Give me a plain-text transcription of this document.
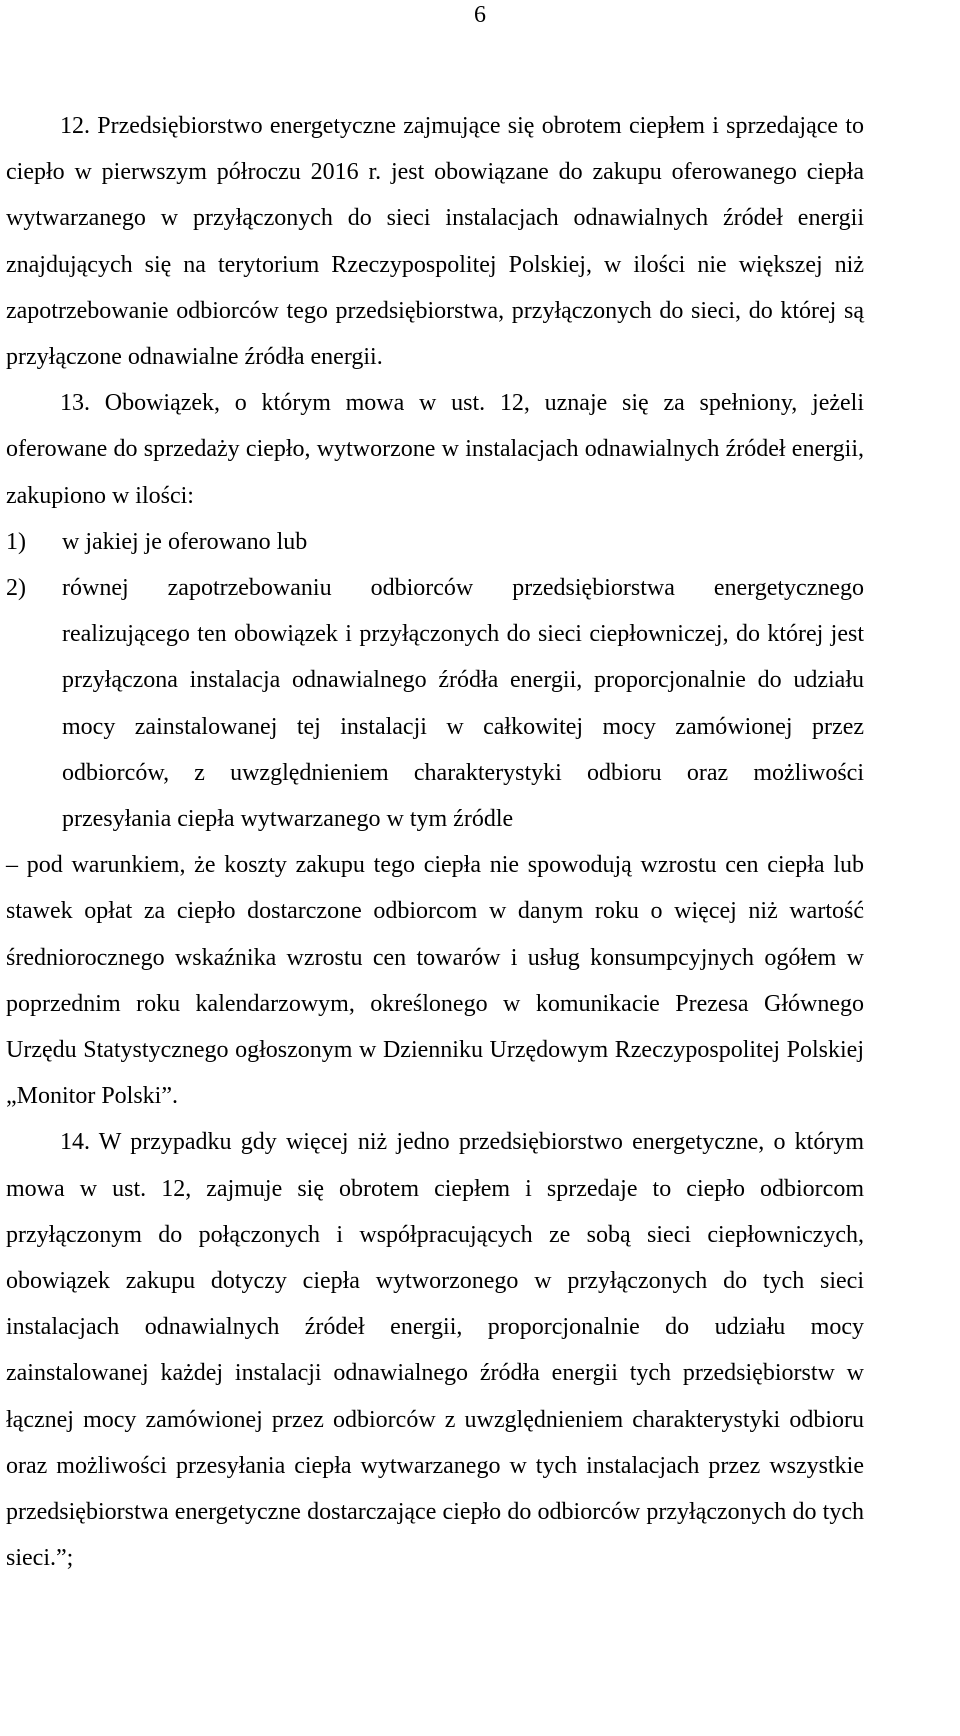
6

12. Przedsiębiorstwo energetyczne zajmujące się obrotem ciepłem i sprzedające to ciepło w pierwszym półroczu 2016 r. jest obowiązane do zakupu oferowanego ciepła wytwarzanego w przyłączonych do sieci instalacjach odnawialnych źródeł energii znajdujących się na terytorium Rzeczypospolitej Polskiej, w ilości nie większej niż zapotrzebowanie odbiorców tego przedsiębiorstwa, przyłączonych do sieci, do której są przyłączone odnawialne źródła energii.

13. Obowiązek, o którym mowa w ust. 12, uznaje się za spełniony, jeżeli oferowane do sprzedaży ciepło, wytworzone w instalacjach odnawialnych źródeł energii, zakupiono w ilości:

1) w jakiej je oferowano lub
2) równej zapotrzebowaniu odbiorców przedsiębiorstwa energetycznego realizującego ten obowiązek i przyłączonych do sieci ciepłowniczej, do której jest przyłączona instalacja odnawialnego źródła energii, proporcjonalnie do udziału mocy zainstalowanej tej instalacji w całkowitej mocy zamówionej przez odbiorców, z uwzględnieniem charakterystyki odbioru oraz możliwości przesyłania ciepła wytwarzanego w tym źródle

– pod warunkiem, że koszty zakupu tego ciepła nie spowodują wzrostu cen ciepła lub stawek opłat za ciepło dostarczone odbiorcom w danym roku o więcej niż wartość średniorocznego wskaźnika wzrostu cen towarów i usług konsumpcyjnych ogółem w poprzednim roku kalendarzowym, określonego w komunikacie Prezesa Głównego Urzędu Statystycznego ogłoszonym w Dzienniku Urzędowym Rzeczypospolitej Polskiej „Monitor Polski”.

14. W przypadku gdy więcej niż jedno przedsiębiorstwo energetyczne, o którym mowa w ust. 12, zajmuje się obrotem ciepłem i sprzedaje to ciepło odbiorcom przyłączonym do połączonych i współpracujących ze sobą sieci ciepłowniczych, obowiązek zakupu dotyczy ciepła wytworzonego w przyłączonych do tych sieci instalacjach odnawialnych źródeł energii, proporcjonalnie do udziału mocy zainstalowanej każdej instalacji odnawialnego źródła energii tych przedsiębiorstw w łącznej mocy zamówionej przez odbiorców z uwzględnieniem charakterystyki odbioru oraz możliwości przesyłania ciepła wytwarzanego w tych instalacjach przez wszystkie przedsiębiorstwa energetyczne dostarczające ciepło do odbiorców przyłączonych do tych sieci.”;
